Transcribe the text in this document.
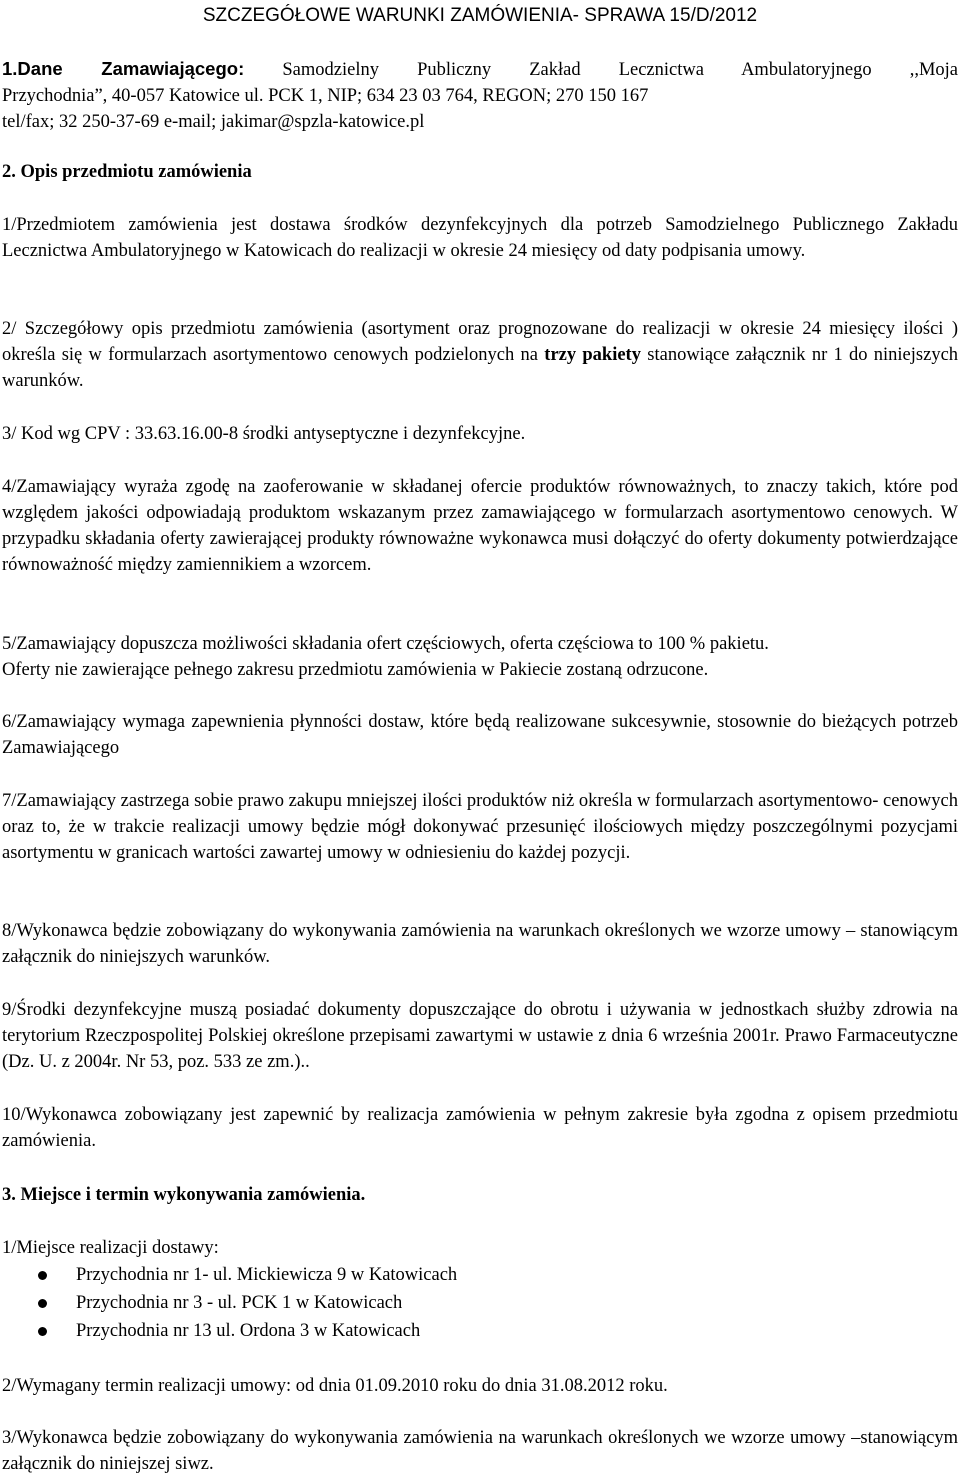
SZCZEGÓŁOWE WARUNKI ZAMÓWIENIA- SPRAWA 15/D/2012
1.Dane Zamawiającego: Samodzielny Publiczny Zakład Lecznictwa Ambulatoryjnego ,,Moja
Przychodnia”, 40-057 Katowice ul. PCK 1, NIP; 634 23 03 764, REGON; 270 150 167
tel/fax; 32 250-37-69 e-mail; jakimar@spzla-katowice.pl
2. Opis przedmiotu zamówienia
1/Przedmiotem zamówienia jest dostawa środków dezynfekcyjnych dla potrzeb Samodzielnego Publicznego Zakładu Lecznictwa Ambulatoryjnego w Katowicach do realizacji w okresie 24 miesięcy od daty podpisania umowy.
2/ Szczegółowy opis przedmiotu zamówienia (asortyment oraz prognozowane do realizacji w okresie 24 miesięcy ilości ) określa się w formularzach asortymentowo cenowych podzielonych na trzy pakiety stanowiące załącznik nr 1 do niniejszych warunków.
3/ Kod wg CPV : 33.63.16.00-8 środki antyseptyczne i dezynfekcyjne.
4/Zamawiający wyraża zgodę na zaoferowanie w składanej ofercie produktów równoważnych, to znaczy takich, które pod względem jakości odpowiadają produktom wskazanym przez zamawiającego w formularzach asortymentowo cenowych. W przypadku składania oferty zawierającej produkty równoważne wykonawca musi dołączyć do oferty dokumenty potwierdzające równoważność między zamiennikiem a wzorcem.
5/Zamawiający dopuszcza możliwości składania ofert częściowych, oferta częściowa to 100 % pakietu.
Oferty nie zawierające pełnego zakresu przedmiotu zamówienia w Pakiecie zostaną odrzucone.
6/Zamawiający wymaga zapewnienia płynności dostaw, które będą realizowane sukcesywnie, stosownie do bieżących potrzeb Zamawiającego
7/Zamawiający zastrzega sobie prawo zakupu mniejszej ilości produktów niż określa w formularzach asortymentowo- cenowych oraz to, że w trakcie realizacji umowy będzie mógł dokonywać przesunięć ilościowych między poszczególnymi pozycjami asortymentu w granicach wartości zawartej umowy w odniesieniu do każdej pozycji.
8/Wykonawca będzie zobowiązany do wykonywania zamówienia na warunkach określonych we wzorze umowy – stanowiącym załącznik do niniejszych warunków.
9/Środki dezynfekcyjne muszą posiadać dokumenty dopuszczające do obrotu i używania w jednostkach służby zdrowia na terytorium Rzeczpospolitej Polskiej określone przepisami zawartymi w ustawie z dnia 6 września 2001r. Prawo Farmaceutyczne (Dz. U. z 2004r. Nr 53, poz. 533 ze zm.)..
10/Wykonawca zobowiązany jest zapewnić by realizacja zamówienia w pełnym zakresie była zgodna z opisem przedmiotu zamówienia.
3. Miejsce i termin wykonywania zamówienia.
1/Miejsce realizacji dostawy:
Przychodnia nr 1- ul. Mickiewicza 9 w Katowicach
Przychodnia nr 3 - ul. PCK 1 w Katowicach
Przychodnia nr 13 ul. Ordona 3 w Katowicach
2/Wymagany termin realizacji umowy: od dnia 01.09.2010 roku do dnia 31.08.2012 roku.
3/Wykonawca będzie zobowiązany do wykonywania zamówienia na warunkach określonych we wzorze umowy –stanowiącym załącznik do niniejszej siwz.
